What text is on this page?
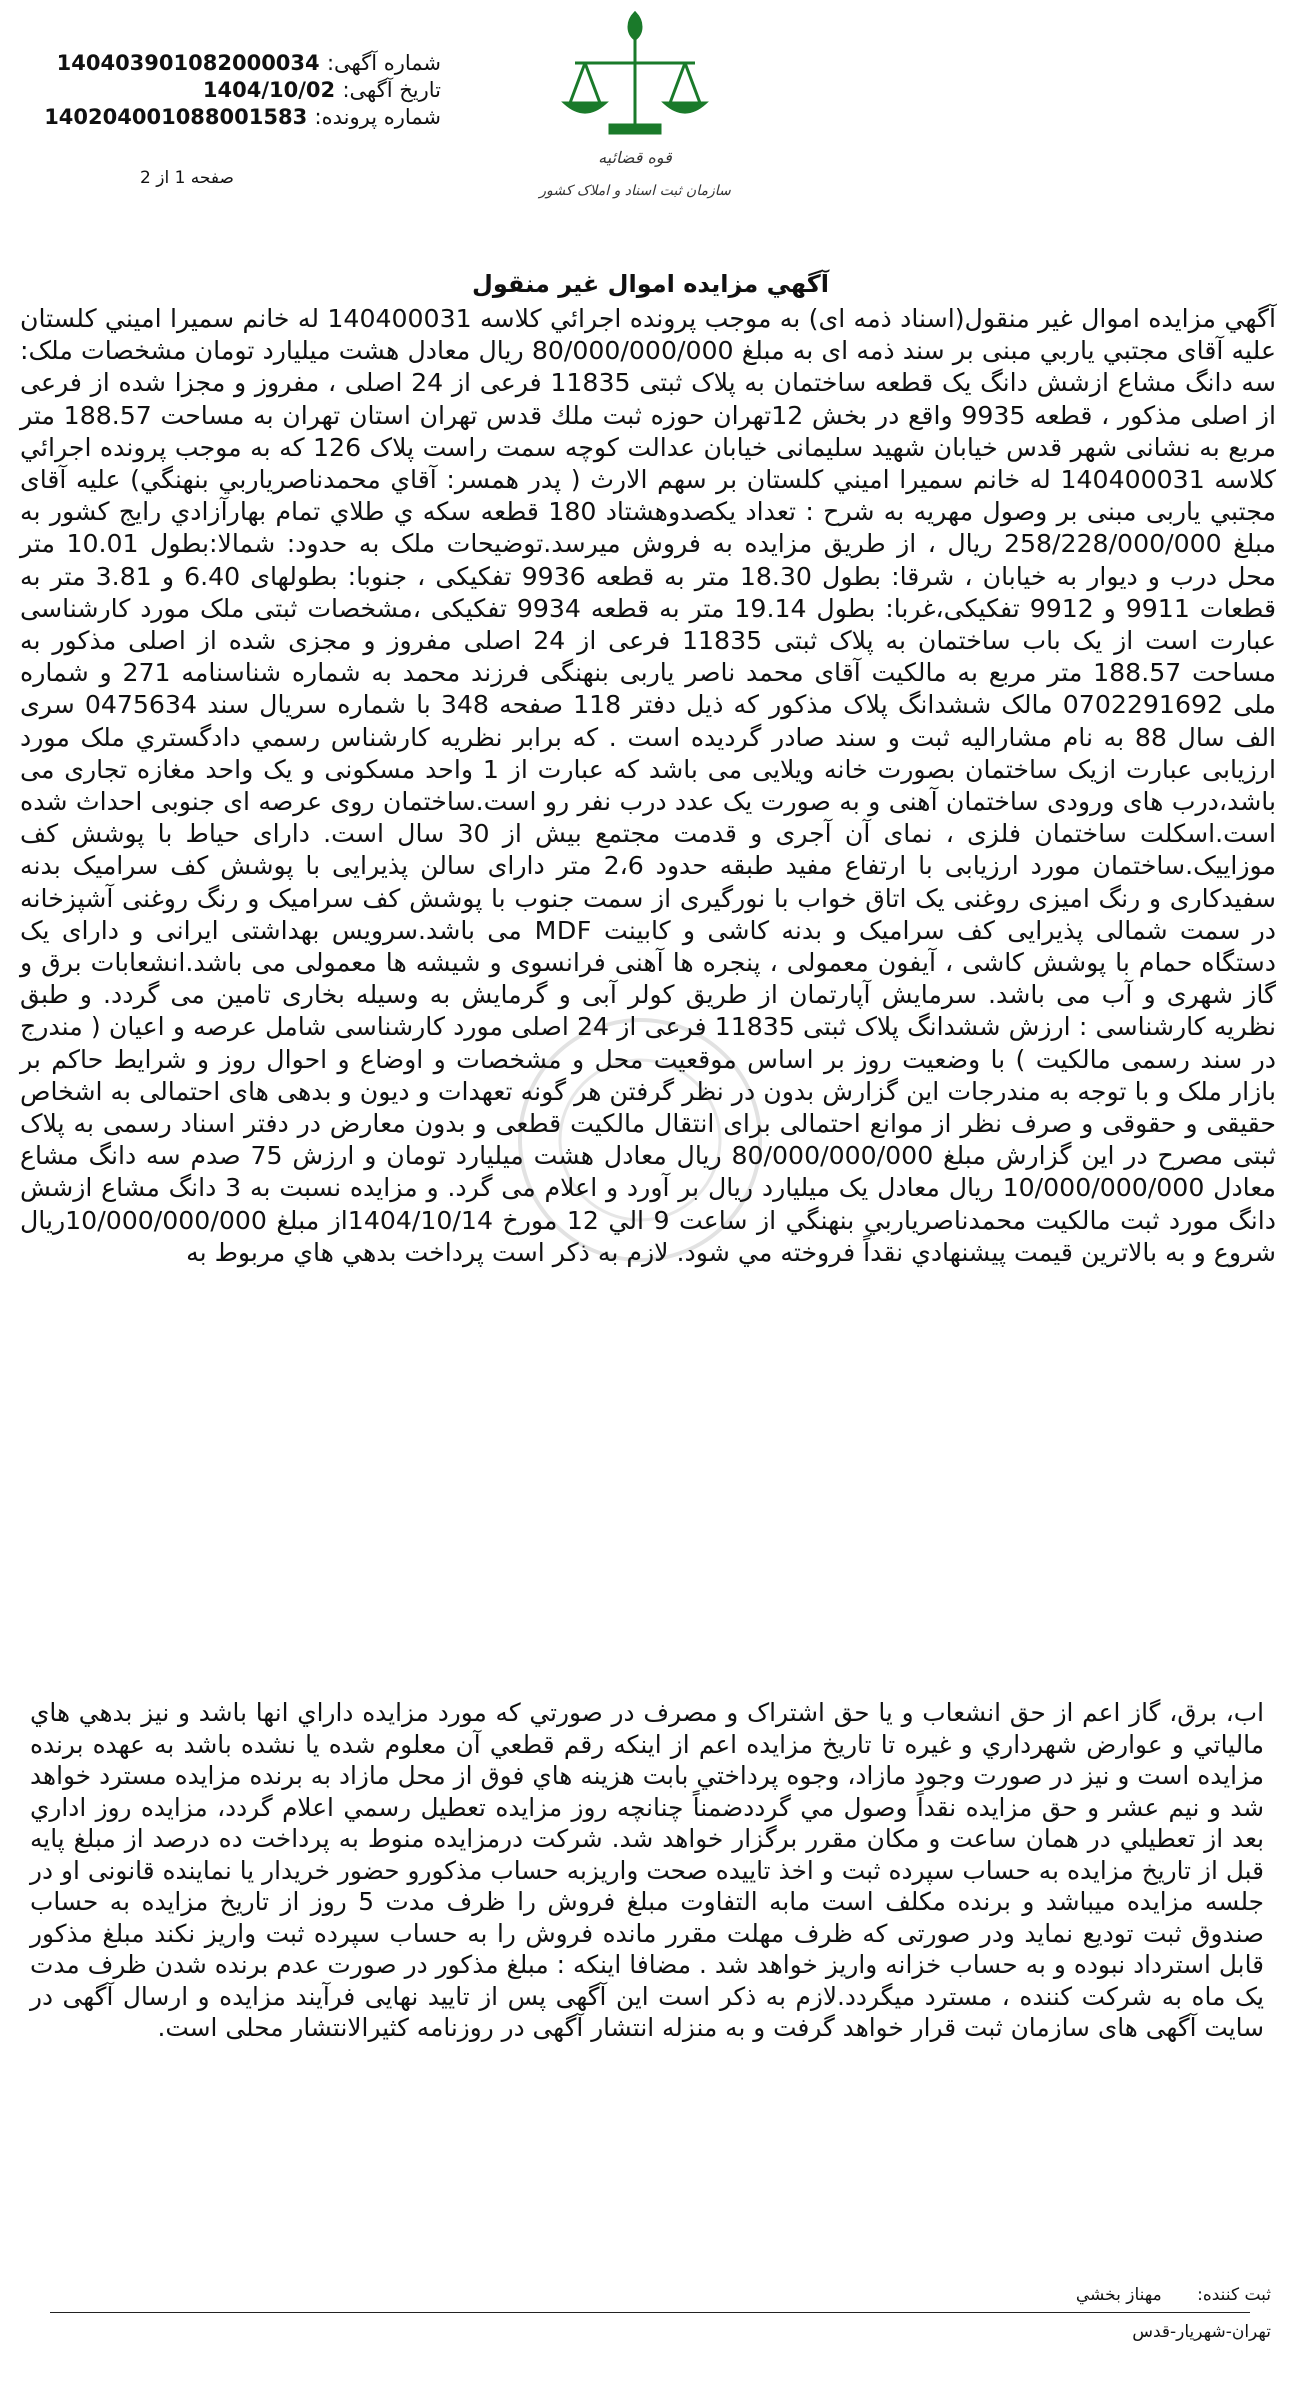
قوه قضائیه
سازمان ثبت اسناد و املاک کشور
شماره آگهی: 140403901082000034
تاریخ آگهی: 1404/10/02
شماره پرونده: 140204001088001583
صفحه 1 از 2
آگهي مزايده اموال غير منقول
آگهي مزايده اموال غير منقول(اسناد ذمه ای) به موجب پرونده اجرائي کلاسه 140400031 له خانم سميرا اميني کلستان عليه آقای مجتبي ياربي مبنی بر سند ذمه ای به مبلغ 80/000/000/000 ريال معادل هشت ميليارد تومان مشخصات ملک: سه دانگ مشاع ازشش دانگ یک قطعه ساختمان به پلاک ثبتی 11835 فرعی از 24 اصلی ، مفروز و مجزا شده از فرعی از اصلی مذکور ، قطعه 9935 واقع در بخش 12تهران حوزه ثبت ملك قدس تهران استان تهران به مساحت 188.57 متر مربع به نشانی شهر قدس خیابان شهید سلیمانی خیابان عدالت کوچه سمت راست پلاک 126 که به موجب پرونده اجرائي کلاسه 140400031 له خانم سميرا اميني کلستان بر سهم الارث ( پدر همسر: آقاي محمدناصرياربي بنهنگي) عليه آقای مجتبي ياربی مبنی بر وصول مهريه به شرح : تعداد يکصدوهشتاد 180 قطعه سکه ي طلاي تمام بهارآزادي رايج کشور به مبلغ 258/228/000/000 ريال ، از طريق مزايده به فروش ميرسد.توضيحات ملک به حدود: شمالا:بطول 10.01 متر محل درب و دیوار به خیابان ، شرقا: بطول 18.30 متر به قطعه 9936 تفکیکی ، جنوبا: بطولهای 6.40 و 3.81 متر به قطعات 9911 و 9912 تفکیکی،غربا: بطول 19.14 متر به قطعه 9934 تفکیکی ،مشخصات ثبتی ملک مورد کارشناسی عبارت است از یک باب ساختمان به پلاک ثبتی 11835 فرعی از 24 اصلی مفروز و مجزی شده از اصلی مذکور به مساحت 188.57 متر مربع به مالکیت آقای محمد ناصر یاربی بنهنگی فرزند محمد به شماره شناسنامه 271 و شماره ملی 0702291692 مالک ششدانگ پلاک مذکور که ذیل دفتر 118 صفحه 348 با شماره سریال سند 0475634 سری الف سال 88 به نام مشارالیه ثبت و سند صادر گردیده است . که برابر نظريه کارشناس رسمي دادگستري ملک مورد ارزيابی عبارت ازیک ساختمان بصورت خانه ویلایی می باشد که عبارت از 1 واحد مسکونی و یک واحد مغازه تجاری می باشد،درب های ورودی ساختمان آهنی و به صورت یک عدد درب نفر رو است.ساختمان روی عرصه ای جنوبی احداث شده است.اسکلت ساختمان فلزی ، نمای آن آجری و قدمت مجتمع بیش از 30 سال است. دارای حیاط با پوشش کف موزاییک.ساختمان مورد ارزیابی با ارتفاع مفید طبقه حدود 2،6 متر دارای سالن پذیرایی با پوشش کف سرامیک بدنه سفیدکاری و رنگ امیزی روغنی یک اتاق خواب با نورگیری از سمت جنوب با پوشش کف سرامیک و رنگ روغنی آشپزخانه در سمت شمالی پذیرایی کف سرامیک و بدنه کاشی و کابینت MDF می باشد.سرویس بهداشتی ایرانی و دارای یک دستگاه حمام با پوشش کاشی ، آیفون معمولی ، پنجره ها آهنی فرانسوی و شیشه ها معمولی می باشد.انشعابات برق و گاز شهری و آب می باشد. سرمایش آپارتمان از طریق کولر آبی و گرمایش به وسیله بخاری تامین می گردد. و طبق نظریه کارشناسی : ارزش ششدانگ پلاک ثبتی 11835 فرعی از 24 اصلی مورد کارشناسی شامل عرصه و اعیان ( مندرج در سند رسمی مالکیت ) با وضعیت روز بر اساس موقعیت محل و مشخصات و اوضاع و احوال روز و شرایط حاکم بر بازار ملک و با توجه به مندرجات این گزارش بدون در نظر گرفتن هر گونه تعهدات و دیون و بدهی های احتمالی به اشخاص حقیقی و حقوقی و صرف نظر از موانع احتمالی برای انتقال مالکیت قطعی و بدون معارض در دفتر اسناد رسمی به پلاک ثبتی مصرح در این گزارش مبلغ 80/000/000/000 ریال معادل هشت میلیارد تومان و ارزش 75 صدم سه دانگ مشاع معادل 10/000/000/000 ریال معادل یک میلیارد ریال بر آورد و اعلام می گرد. و مزايده نسبت به 3 دانگ مشاع ازشش دانگ مورد ثبت مالکيت محمدناصرياربي بنهنگي از ساعت 9 الي 12 مورخ 1404/10/14از مبلغ 10/000/000/000ريال شروع و به بالاترين قيمت پيشنهادي نقداً فروخته مي شود. لازم به ذکر است پرداخت بدهي هاي مربوط به
اب، برق، گاز اعم از حق انشعاب و يا حق اشتراک و مصرف در صورتي که مورد مزايده داراي انها باشد و نيز بدهي هاي مالياتي و عوارض شهرداري و غيره تا تاريخ مزايده اعم از اينکه رقم قطعي آن معلوم شده يا نشده باشد به عهده برنده مزايده است و نيز در صورت وجود مازاد، وجوه پرداختي بابت هزينه هاي فوق از محل مازاد به برنده مزايده مسترد خواهد شد و نیم عشر و حق مزايده نقداً وصول مي گرددضمناً چنانچه روز مزايده تعطيل رسمي اعلام گردد، مزايده روز اداري بعد از تعطيلي در همان ساعت و مکان مقرر برگزار خواهد شد. شرکت درمزایده منوط به پرداخت ده درصد از مبلغ پایه قبل از تاریخ مزایده به حساب سپرده ثبت و اخذ تاییده صحت واریزبه حساب مذکورو حضور خریدار یا نماینده قانونی او در جلسه مزایده میباشد و برنده مکلف است مابه التفاوت مبلغ فروش را ظرف مدت 5 روز از تاریخ مزایده به حساب صندوق ثبت تودیع نماید ودر صورتی که ظرف مهلت مقرر مانده فروش را به حساب سپرده ثبت واریز نکند مبلغ مذکور قابل استرداد نبوده و به حساب خزانه واریز خواهد شد . مضافا اینکه : مبلغ مذکور در صورت عدم برنده شدن ظرف مدت یک ماه به شرکت کننده ، مسترد میگردد.لازم به ذکر است این آگهی پس از تایید نهایی فرآیند مزایده و ارسال آگهی در سایت آگهی های سازمان ثبت قرار خواهد گرفت و به منزله انتشار آگهی در روزنامه کثیرالانتشار محلی است.
ثبت کننده: مهناز بخشي
تهران-شهريار-قدس
